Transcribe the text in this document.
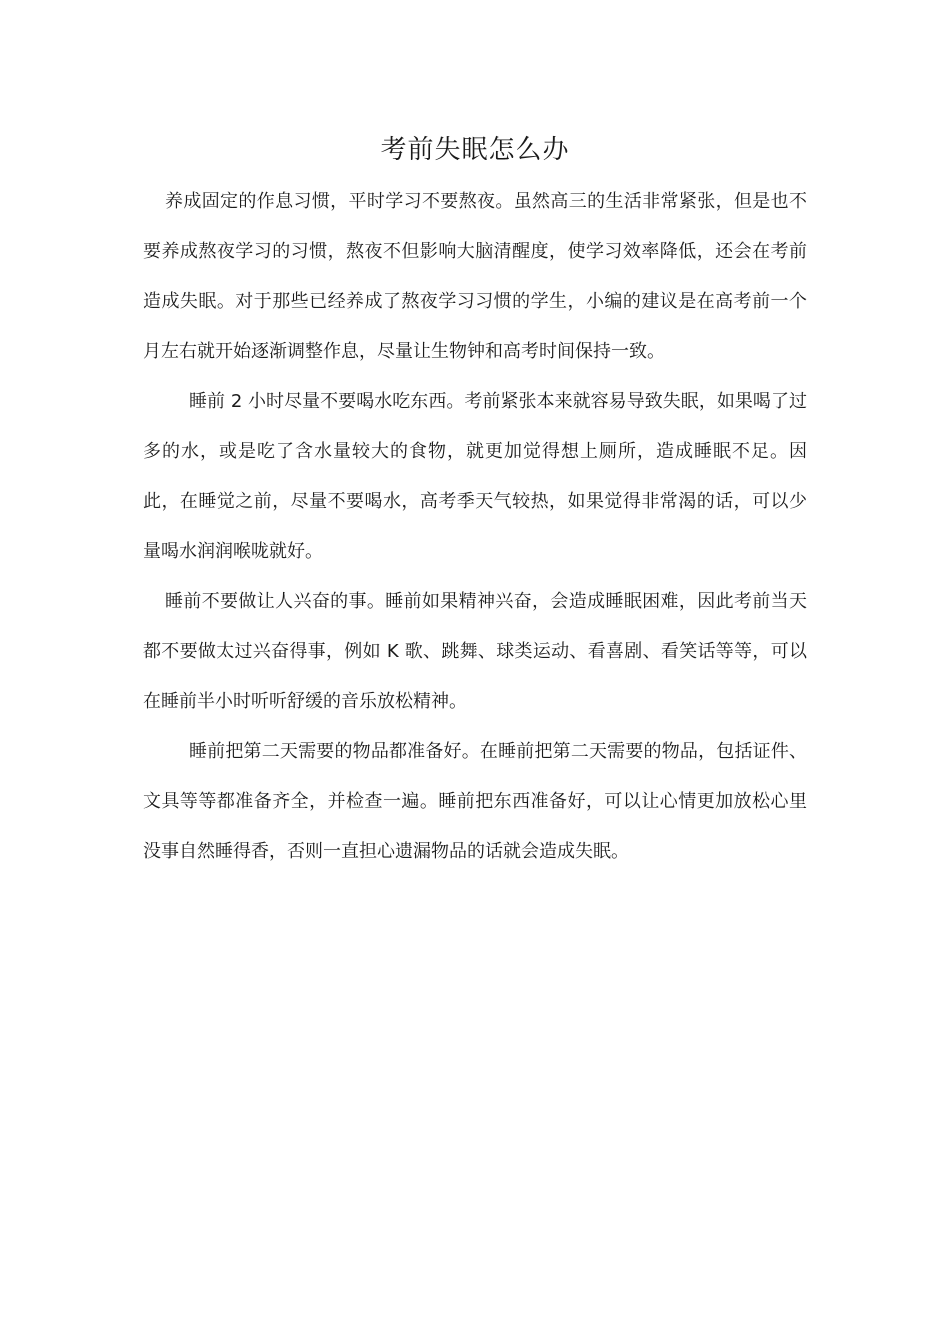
考前失眠怎么办

养成固定的作息习惯，平时学习不要熬夜。虽然高三的生活非常紧张，但是也不要养成熬夜学习的习惯，熬夜不但影响大脑清醒度，使学习效率降低，还会在考前造成失眠。对于那些已经养成了熬夜学习习惯的学生，小编的建议是在高考前一个月左右就开始逐渐调整作息，尽量让生物钟和高考时间保持一致。

睡前 2 小时尽量不要喝水吃东西。考前紧张本来就容易导致失眠，如果喝了过多的水，或是吃了含水量较大的食物，就更加觉得想上厕所，造成睡眠不足。因此，在睡觉之前，尽量不要喝水，高考季天气较热，如果觉得非常渴的话，可以少量喝水润润喉咙就好。

睡前不要做让人兴奋的事。睡前如果精神兴奋，会造成睡眠困难，因此考前当天都不要做太过兴奋得事，例如 K 歌、跳舞、球类运动、看喜剧、看笑话等等，可以在睡前半小时听听舒缓的音乐放松精神。

睡前把第二天需要的物品都准备好。在睡前把第二天需要的物品，包括证件、文具等等都准备齐全，并检查一遍。睡前把东西准备好，可以让心情更加放松心里没事自然睡得香，否则一直担心遗漏物品的话就会造成失眠。
